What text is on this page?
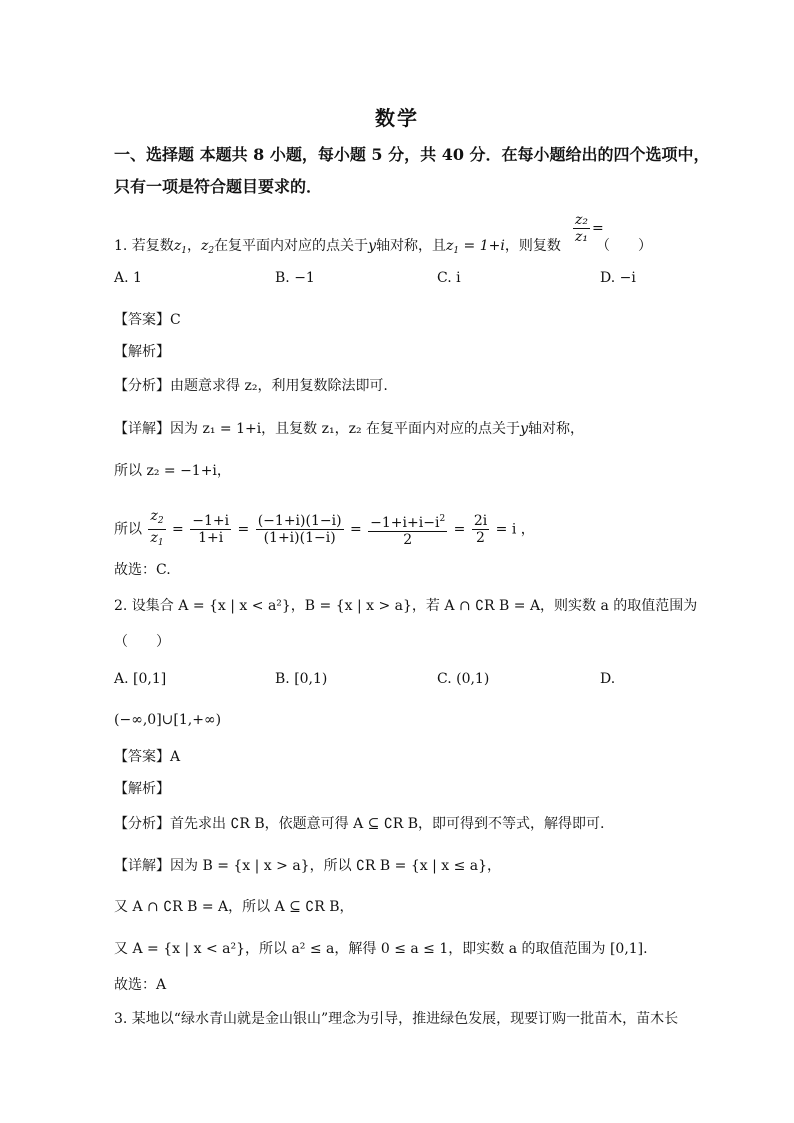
数学
一、选择题 本题共 8 小题，每小题 5 分，共 40 分．在每小题给出的四个选项中，
只有一项是符合题目要求的．
1. 若复数$z_1$，$z_2$在复平面内对应的点关于y轴对称，且$z_1 = 1+i$，则复数
$\frac{\text{z₂}}{\text{z₁}}$ =
（　　）
A. 1	B. −1	C. i	D. −i
【答案】C
【解析】
【分析】由题意求得 z₂，利用复数除法即可.
【详解】因为 z₁ = 1+i，且复数 z₁，z₂ 在复平面内对应的点关于y轴对称，
所以 z₂ = −1+i，
所以 $\frac{z_2}{z_1} = \frac{-1+i}{1+i} = \frac{(-1+i)(1-i)}{(1+i)(1-i)} = \frac{-1+i+i-i^2}{2} = \frac{2i}{2} = i$ ，
故选：C.
2. 设集合 A = {x | x < a²}，B = {x | x > a}，若 A ∩ ∁R B = A，则实数 a 的取值范围为
（　　）
A. [0,1]	B. [0,1)	C. (0,1)	D.
(−∞,0]∪[1,+∞)
【答案】A
【解析】
【分析】首先求出 ∁R B，依题意可得 A ⊆ ∁R B，即可得到不等式，解得即可.
【详解】因为 B = {x | x > a}，所以 ∁R B = {x | x ≤ a}，
又 A ∩ ∁R B = A，所以 A ⊆ ∁R B，
又 A = {x | x < a²}，所以 a² ≤ a，解得 0 ≤ a ≤ 1，即实数 a 的取值范围为 [0,1].
故选：A
3. 某地以“绿水青山就是金山银山”理念为引导，推进绿色发展，现要订购一批苗木，苗木长
